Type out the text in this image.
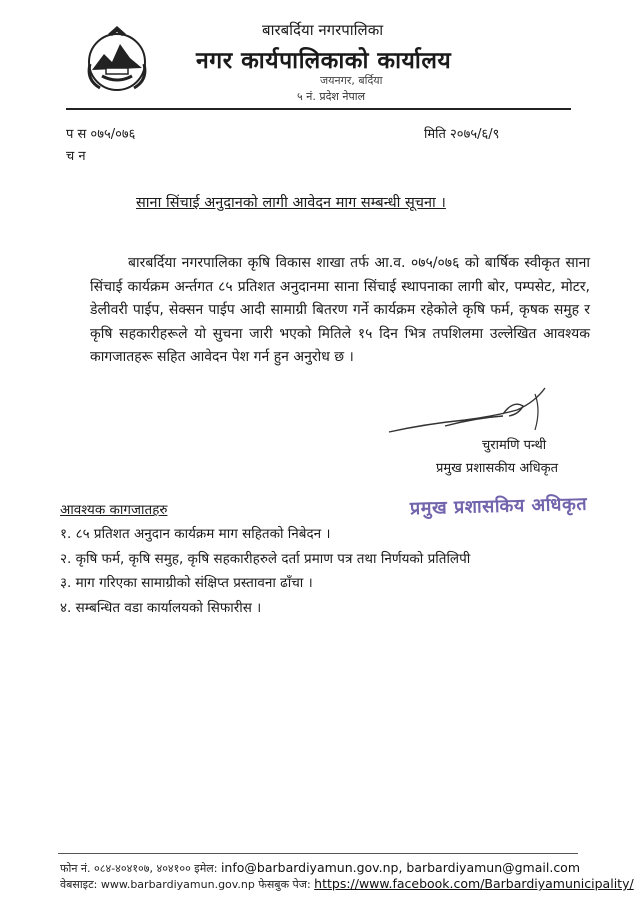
बारबर्दिया नगरपालिका
नगर कार्यपालिकाको कार्यालय
जयनगर, बर्दिया
५ नं. प्रदेश नेपाल
प स ०७५/०७६
च न
मिति २०७५/६/९
साना सिंचाई अनुदानको लागी आवेदन माग सम्बन्धी सूचना ।
बारबर्दिया नगरपालिका कृषि विकास शाखा तर्फ आ.व. ०७५/०७६ को बार्षिक स्वीकृत साना सिंचाई कार्यक्रम अर्न्तगत ८५ प्रतिशत अनुदानमा साना सिंचाई स्थापनाका लागी बोर, पम्पसेट, मोटर, डेलीवरी पाईप, सेक्सन पाईप आदी सामाग्री बितरण गर्ने कार्यक्रम रहेकोले कृषि फर्म, कृषक समुह र कृषि सहकारीहरूले यो सुचना जारी भएको मितिले १५ दिन भित्र तपशिलमा उल्लेखित आवश्यक कागजातहरू सहित आवेदन पेश गर्न हुन अनुरोध छ ।
चुरामणि पन्थी
प्रमुख प्रशासकीय अधिकृत
आवश्यक कागजातहरु	प्रमुख प्रशासकिय अधिकृत
१. ८५ प्रतिशत अनुदान कार्यक्रम माग सहितको निबेदन ।
२. कृषि फर्म, कृषि समुह, कृषि सहकारीहरुले दर्ता प्रमाण पत्र तथा निर्णयको प्रतिलिपी
३. माग गरिएका सामाग्रीको संक्षिप्त प्रस्तावना ढाँचा ।
४. सम्बन्धित वडा कार्यालयको सिफारीस ।
फोन नं. ०८४-४०४१०७, ४०४१०० इमेल: info@barbardiyamun.gov.np, barbardiyamun@gmail.com
वेबसाइट: www.barbardiyamun.gov.np फेसबुक पेज: https://www.facebook.com/Barbardiyamunicipality/
